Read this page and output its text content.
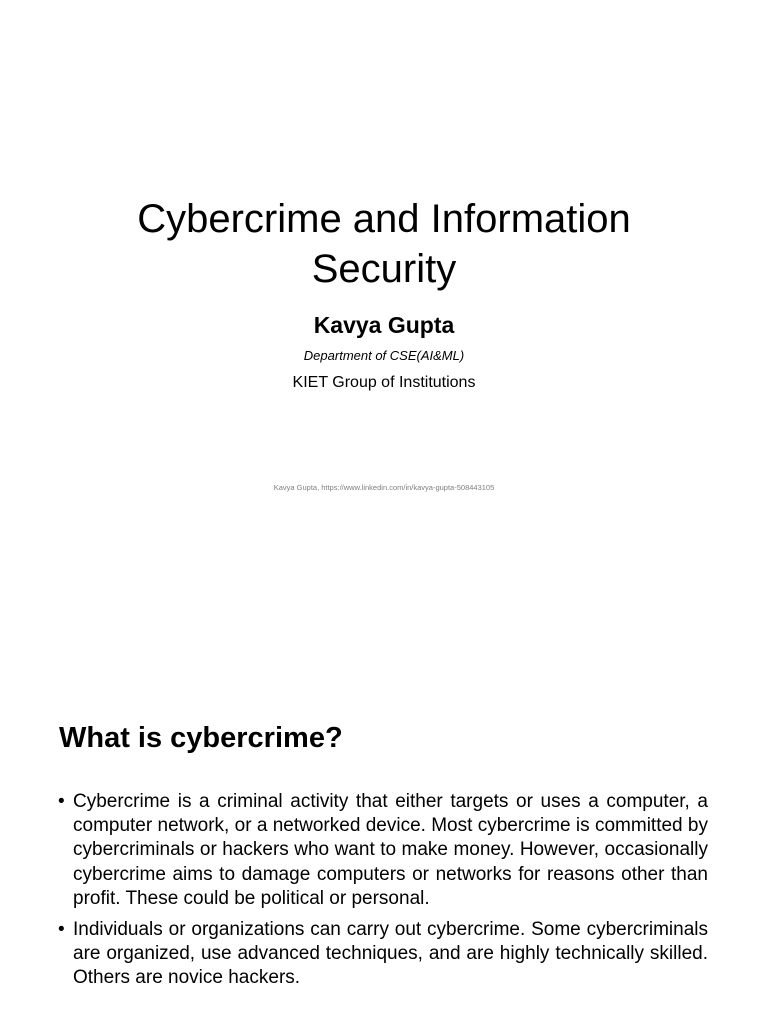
Cybercrime and Information Security
Kavya Gupta
Department of CSE(AI&ML)
KIET Group of Institutions
Kavya Gupta, https://www.linkedin.com/in/kavya-gupta-508443105
What is cybercrime?
• Cybercrime is a criminal activity that either targets or uses a computer, a computer network, or a networked device. Most cybercrime is committed by cybercriminals or hackers who want to make money. However, occasionally cybercrime aims to damage computers or networks for reasons other than profit. These could be political or personal.
• Individuals or organizations can carry out cybercrime. Some cybercriminals are organized, use advanced techniques, and are highly technically skilled. Others are novice hackers.
